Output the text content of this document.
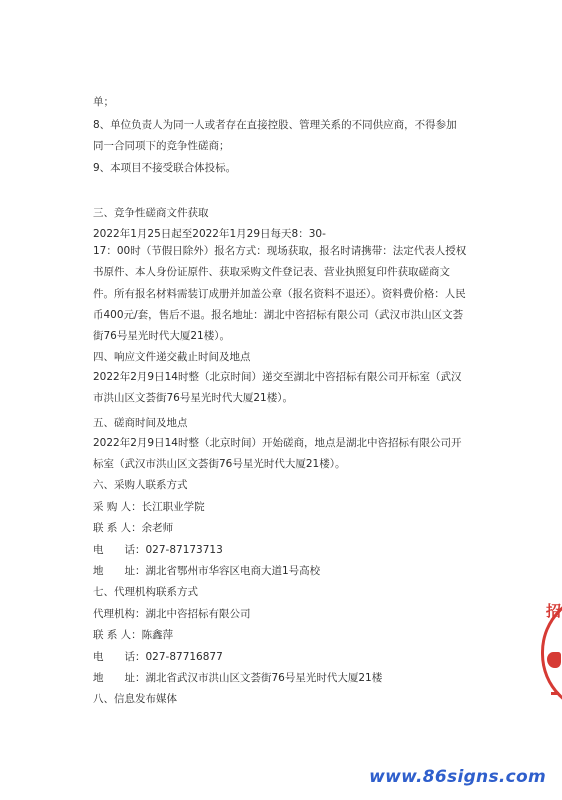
单；
8、单位负责人为同一人或者存在直接控股、管理关系的不同供应商，不得参加
同一合同项下的竞争性磋商；
9、本项目不接受联合体投标。
三、竞争性磋商文件获取
2022年1月25日起至2022年1月29日每天8：30-
17：00时（节假日除外）报名方式：现场获取，报名时请携带：法定代表人授权书原件、本人身份证原件、获取采购文件登记表、营业执照复印件获取磋商文件。所有报名材料需装订成册并加盖公章（报名资料不退还）。资料费价格：人民币400元/套，售后不退。报名地址：湖北中咨招标有限公司（武汉市洪山区文荟街76号星光时代大厦21楼）。
四、响应文件递交截止时间及地点
2022年2月9日14时整（北京时间）递交至湖北中咨招标有限公司开标室（武汉市洪山区文荟街76号星光时代大厦21楼）。
五、磋商时间及地点
2022年2月9日14时整（北京时间）开始磋商，地点是湖北中咨招标有限公司开标室（武汉市洪山区文荟街76号星光时代大厦21楼）。
六、采购人联系方式
采 购 人：长江职业学院
联 系 人：余老师
电　　话：027-87173713
地　　址：湖北省鄂州市华容区电商大道1号高校
七、代理机构联系方式
代理机构：湖北中咨招标有限公司
联 系 人：陈鑫萍
电　　话：027-87716877
地　　址：湖北省武汉市洪山区文荟街76号星光时代大厦21楼
八、信息发布媒体
招
www.86signs.com
